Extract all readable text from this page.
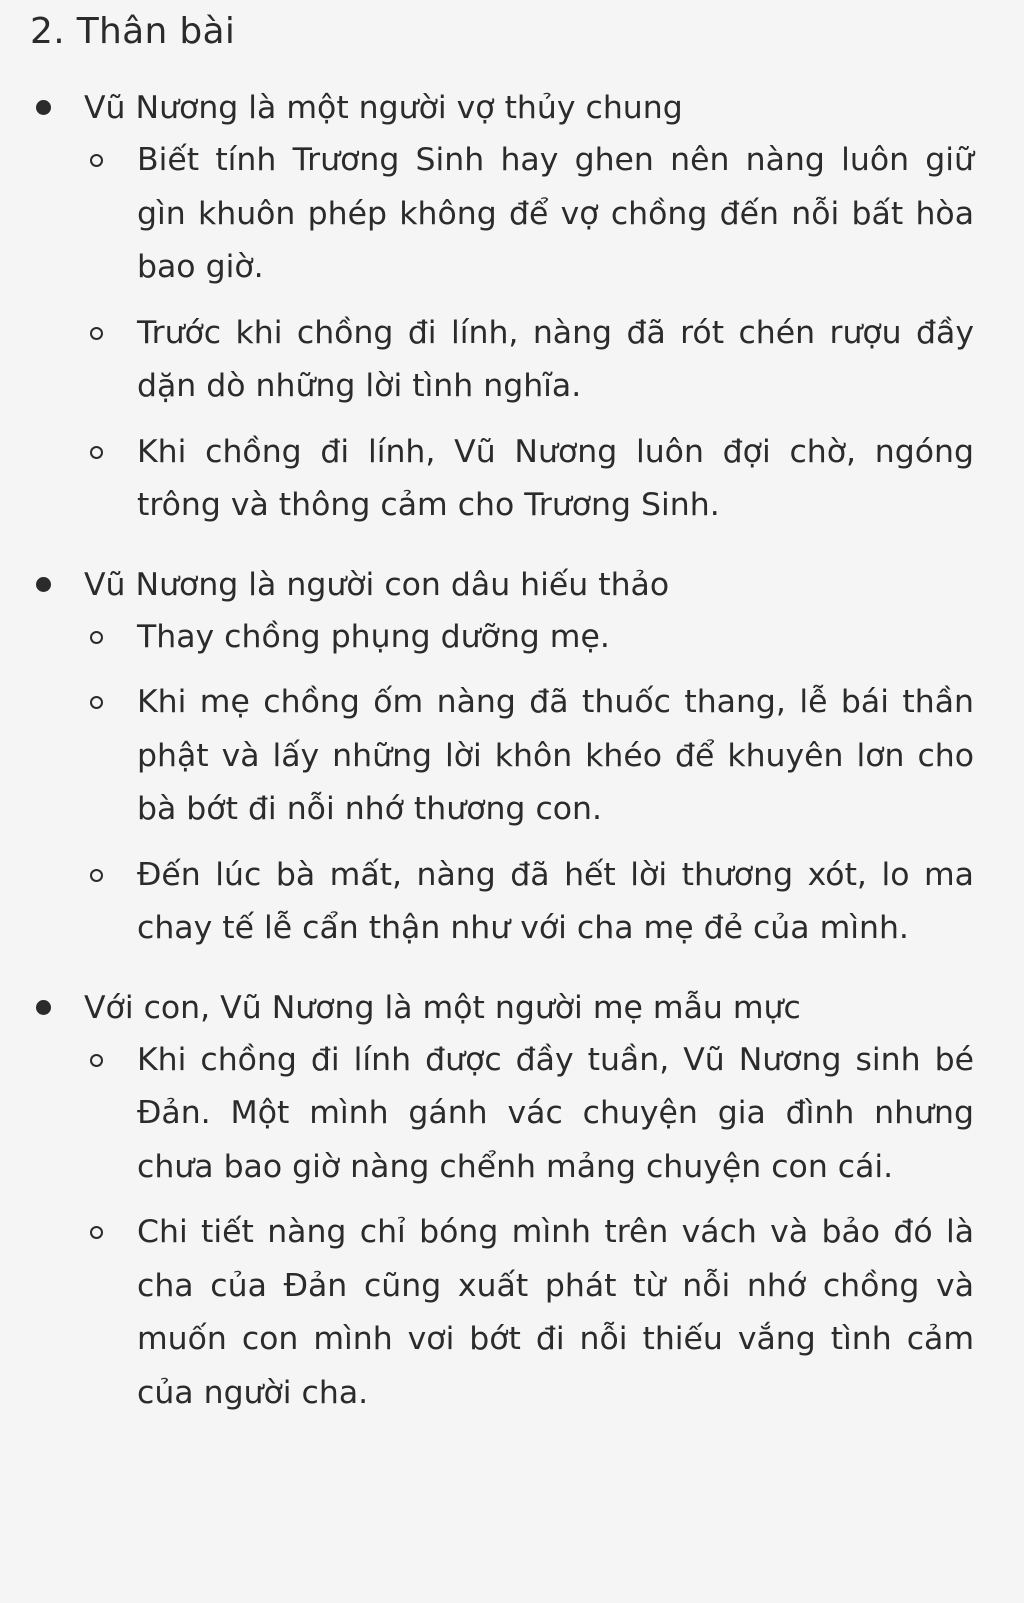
2. Thân bài
Vũ Nương là một người vợ thủy chung
Biết tính Trương Sinh hay ghen nên nàng luôn giữ gìn khuôn phép không để vợ chồng đến nỗi bất hòa bao giờ.
Trước khi chồng đi lính, nàng đã rót chén rượu đầy dặn dò những lời tình nghĩa.
Khi chồng đi lính, Vũ Nương luôn đợi chờ, ngóng trông và thông cảm cho Trương Sinh.
Vũ Nương là người con dâu hiếu thảo
Thay chồng phụng dưỡng mẹ.
Khi mẹ chồng ốm nàng đã thuốc thang, lễ bái thần phật và lấy những lời khôn khéo để khuyên lơn cho bà bớt đi nỗi nhớ thương con.
Đến lúc bà mất, nàng đã hết lời thương xót, lo ma chay tế lễ cẩn thận như với cha mẹ đẻ của mình.
Với con, Vũ Nương là một người mẹ mẫu mực
Khi chồng đi lính được đầy tuần, Vũ Nương sinh bé Đản. Một mình gánh vác chuyện gia đình nhưng chưa bao giờ nàng chểnh mảng chuyện con cái.
Chi tiết nàng chỉ bóng mình trên vách và bảo đó là cha của Đản cũng xuất phát từ nỗi nhớ chồng và muốn con mình vơi bớt đi nỗi thiếu vắng tình cảm của người cha.
